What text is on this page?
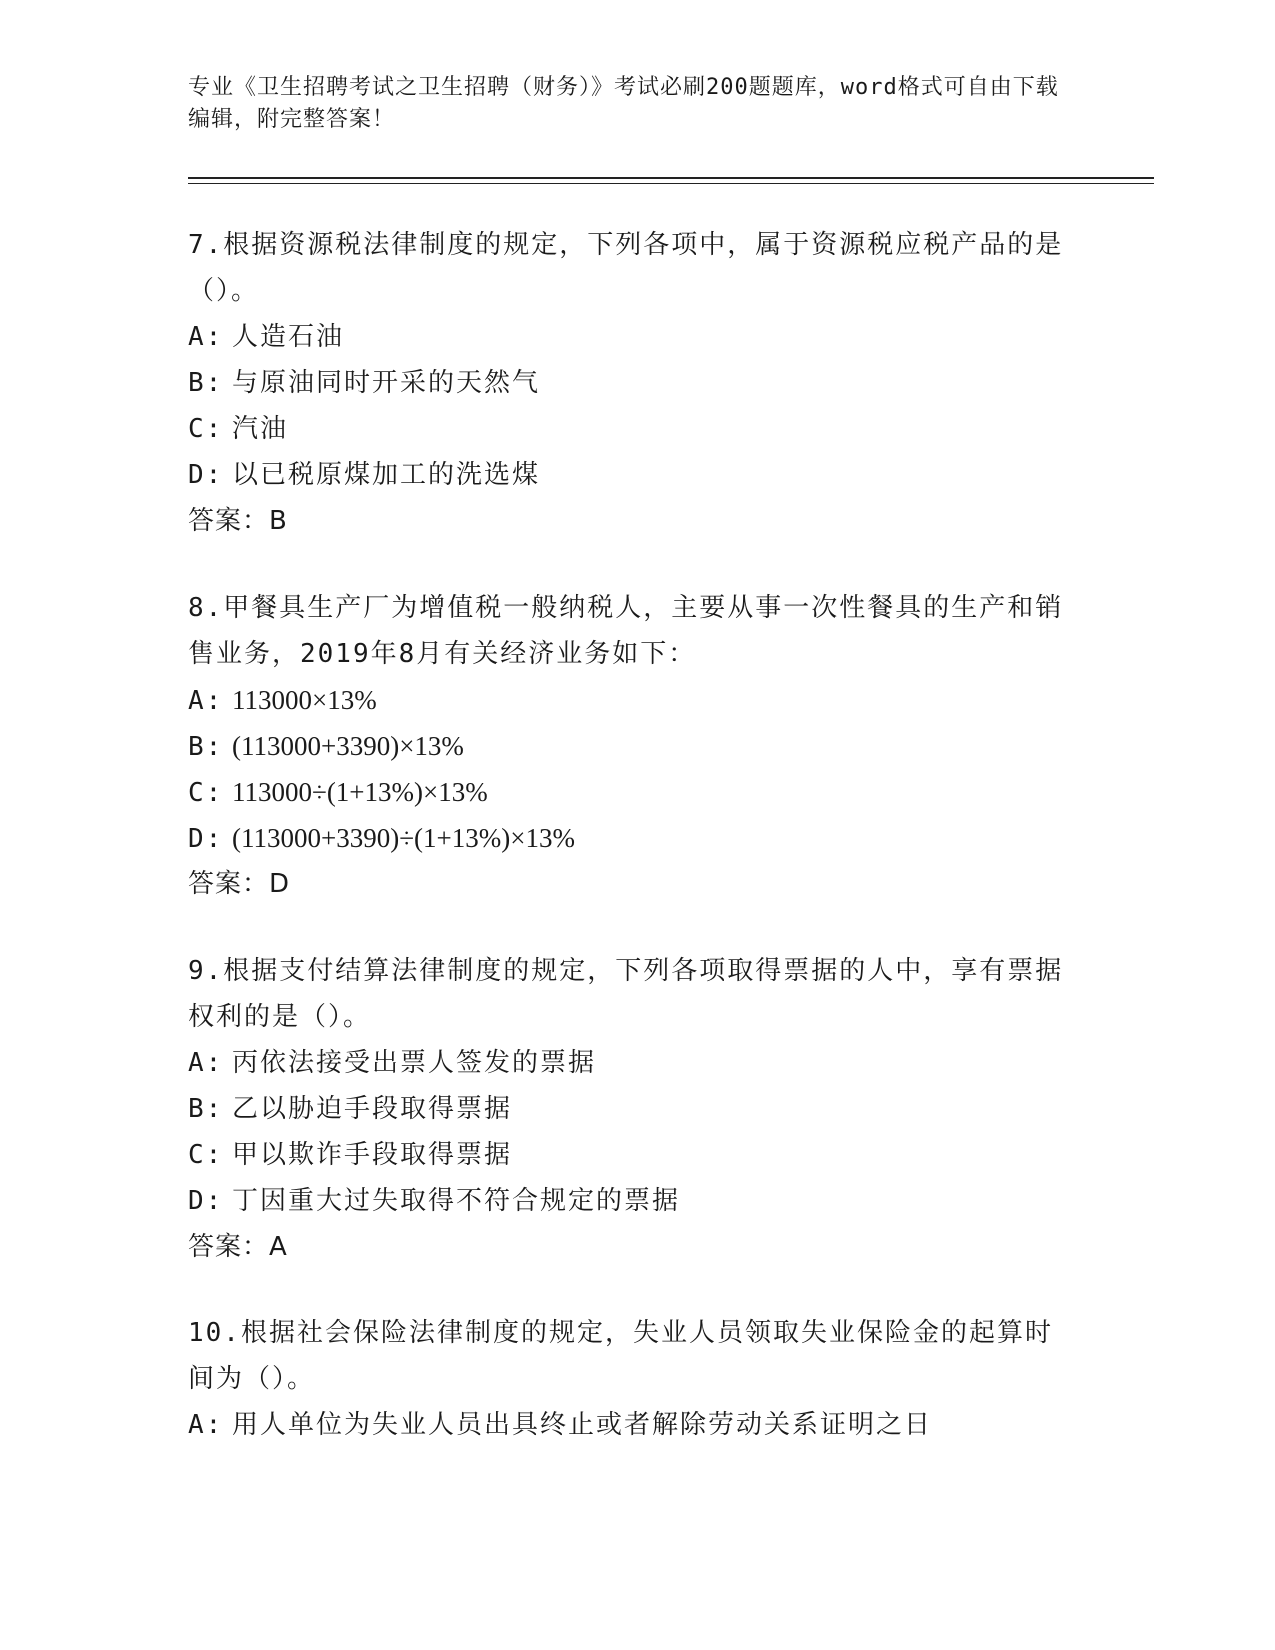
专业《卫生招聘考试之卫生招聘（财务）》考试必刷200题题库，word格式可自由下载编辑，附完整答案！

7.根据资源税法律制度的规定，下列各项中，属于资源税应税产品的是（）。

A: 人造石油
B: 与原油同时开采的天然气
C: 汽油
D: 以已税原煤加工的洗选煤
答案：B

8.甲餐具生产厂为增值税一般纳税人，主要从事一次性餐具的生产和销售业务，2019年8月有关经济业务如下：

A: 113000×13%
B: (113000+3390)×13%
C: 113000÷(1+13%)×13%
D: (113000+3390)÷(1+13%)×13%
答案：D

9.根据支付结算法律制度的规定，下列各项取得票据的人中，享有票据权利的是（）。

A: 丙依法接受出票人签发的票据
B: 乙以胁迫手段取得票据
C: 甲以欺诈手段取得票据
D: 丁因重大过失取得不符合规定的票据
答案：A

10.根据社会保险法律制度的规定，失业人员领取失业保险金的起算时间为（）。

A: 用人单位为失业人员出具终止或者解除劳动关系证明之日
